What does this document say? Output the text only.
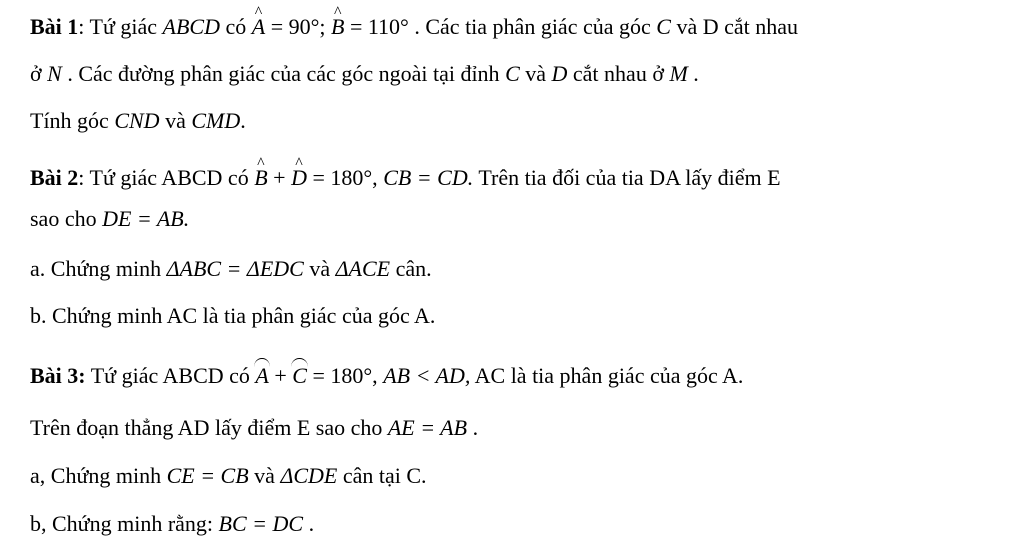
Bài 1: Tứ giác ABCD có ^ A = 90°; ^ B = 110° . Các tia phân giác của góc C và D cắt nhau
ở N . Các đường phân giác của các góc ngoài tại đỉnh C và D cắt nhau ở M .
Tính góc CND và CMD.
Bài 2: Tứ giác ABCD có ^ B + ^ D = 180°, CB = CD. Trên tia đối của tia DA lấy điểm E
sao cho DE = AB.
a. Chứng minh ΔABC = ΔEDC và ΔACE cân.
b. Chứng minh AC là tia phân giác của góc A.
Bài 3: Tứ giác ABCD có A + C = 180°, AB < AD, AC là tia phân giác của góc A.
Trên đoạn thẳng AD lấy điểm E sao cho AE = AB .
a, Chứng minh CE = CB và ΔCDE cân tại C.
b, Chứng minh rằng: BC = DC .
